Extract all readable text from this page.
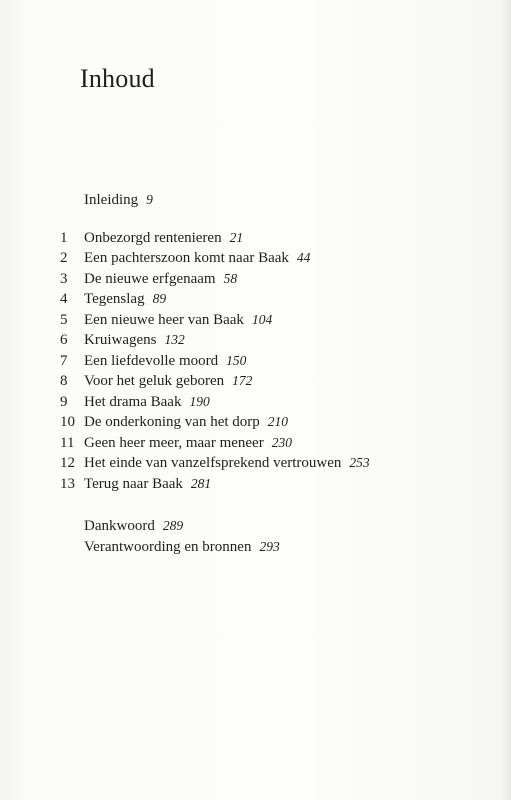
Inhoud
Inleiding 9
1	Onbezorgd rentenieren 21
2	Een pachterszoon komt naar Baak 44
3	De nieuwe erfgenaam 58
4	Tegenslag 89
5	Een nieuwe heer van Baak 104
6	Kruiwagens 132
7	Een liefdevolle moord 150
8	Voor het geluk geboren 172
9	Het drama Baak 190
10 De onderkoning van het dorp 210
11 Geen heer meer, maar meneer 230
12 Het einde van vanzelfsprekend vertrouwen 253
13 Terug naar Baak 281
Dankwoord 289
Verantwoording en bronnen 293
